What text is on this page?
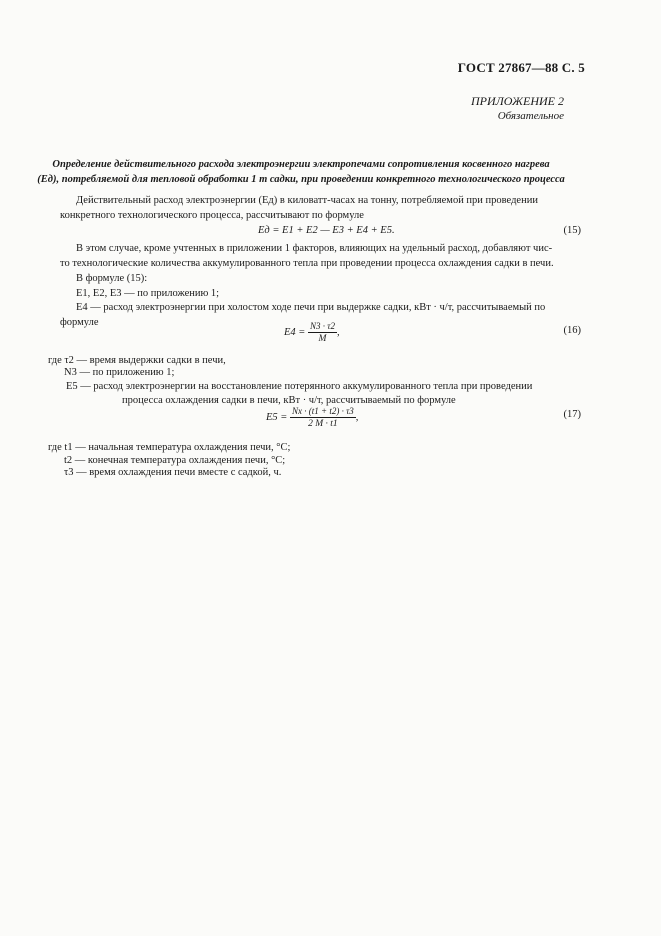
ГОСТ 27867—88 С. 5
ПРИЛОЖЕНИЕ 2
Обязательное
Определение действительного расхода электроэнергии электропечами сопротивления косвенного нагрева
(Eд), потребляемой для тепловой обработки 1 т садки, при проведении конкретного технологического процесса
Действительный расход электроэнергии (Eд) в киловатт-часах на тонну, потребляемой при проведении
конкретного технологического процесса, рассчитывают по формуле
Eд = E1 + E2 — E3 + E4 + E5.	(15)
В этом случае, кроме учтенных в приложении 1 факторов, влияющих на удельный расход, добавляют чис-
то технологические количества аккумулированного тепла при проведении процесса охлаждения садки в печи.
В формуле (15):
E1, E2, E3 — по приложению 1;
E4 — расход электроэнергии при холостом ходе печи при выдержке садки, кВт · ч/т, рассчитываемый по
формуле
$E4 = \frac{N3 \cdot \tau 2}{M}$ ,	(16)
где τ2 — время выдержки садки в печи,
N3 — по приложению 1;
E5 — расход электроэнергии на восстановление потерянного аккумулированного тепла при проведении
процесса охлаждения садки в печи, кВт · ч/т, рассчитываемый по формуле
$E5 = \frac{Nх \cdot (t1 + t2) \cdot \tau 3}{2 M \cdot t1}$ ,	(17)
где t1 — начальная температура охлаждения печи, °С;
t2 — конечная температура охлаждения печи, °С;
τ3 — время охлаждения печи вместе с садкой, ч.
